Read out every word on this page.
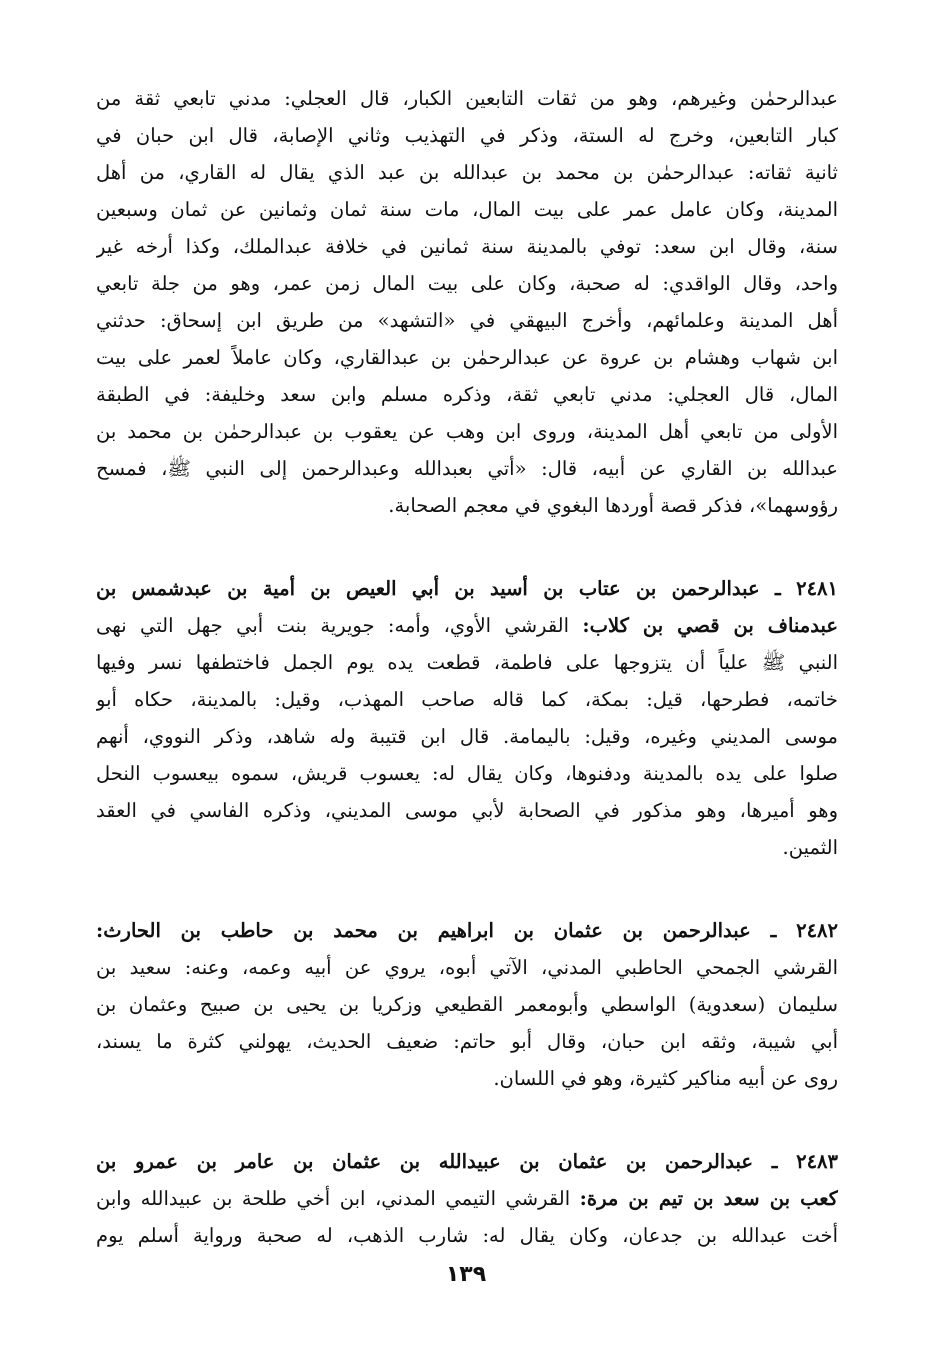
عبدالرحمٰن وغيرهم، وهو من ثقات التابعين الكبار، قال العجلي: مدني تابعي ثقة من
كبار التابعين، وخرج له الستة، وذكر في التهذيب وثاني الإصابة، قال ابن حبان في
ثانية ثقاته: عبدالرحمٰن بن محمد بن عبدالله بن عبد الذي يقال له القاري، من أهل
المدينة، وكان عامل عمر على بيت المال، مات سنة ثمان وثمانين عن ثمان وسبعين
سنة، وقال ابن سعد: توفي بالمدينة سنة ثمانين في خلافة عبدالملك، وكذا أرخه غير
واحد، وقال الواقدي: له صحبة، وكان على بيت المال زمن عمر، وهو من جلة تابعي
أهل المدينة وعلمائهم، وأخرج البيهقي في «التشهد» من طريق ابن إسحاق: حدثني
ابن شهاب وهشام بن عروة عن عبدالرحمٰن بن عبدالقاري، وكان عاملاً لعمر على بيت
المال، قال العجلي: مدني تابعي ثقة، وذكره مسلم وابن سعد وخليفة: في الطبقة
الأولى من تابعي أهل المدينة، وروى ابن وهب عن يعقوب بن عبدالرحمٰن بن محمد بن
عبدالله بن القاري عن أبيه، قال: «أتي بعبدالله وعبدالرحمن إلى النبي ﷺ، فمسح
رؤوسهما»، فذكر قصة أوردها البغوي في معجم الصحابة.
٢٤٨١ ـ عبدالرحمن بن عتاب بن أسيد بن أبي العيص بن أمية بن عبدشمس بن
عبدمناف بن قصي بن كلاب: القرشي الأوي، وأمه: جويرية بنت أبي جهل التي نهى
النبي ﷺ علياً أن يتزوجها على فاطمة، قطعت يده يوم الجمل فاختطفها نسر وفيها
خاتمه، فطرحها، قيل: بمكة، كما قاله صاحب المهذب، وقيل: بالمدينة، حكاه أبو
موسى المديني وغيره، وقيل: باليمامة. قال ابن قتيبة وله شاهد، وذكر النووي، أنهم
صلوا على يده بالمدينة ودفنوها، وكان يقال له: يعسوب قريش، سموه بيعسوب النحل
وهو أميرها، وهو مذكور في الصحابة لأبي موسى المديني، وذكره الفاسي في العقد
الثمين.
٢٤٨٢ ـ عبدالرحمن بن عثمان بن ابراهيم بن محمد بن حاطب بن الحارث:
القرشي الجمحي الحاطبي المدني، الآتي أبوه، يروي عن أبيه وعمه، وعنه: سعيد بن
سليمان (سعدوية) الواسطي وأبومعمر القطيعي وزكريا بن يحيى بن صبيح وعثمان بن
أبي شيبة، وثقه ابن حبان، وقال أبو حاتم: ضعيف الحديث، يهولني كثرة ما يسند،
روى عن أبيه مناكير كثيرة، وهو في اللسان.
٢٤٨٣ ـ عبدالرحمن بن عثمان بن عبيدالله بن عثمان بن عامر بن عمرو بن
كعب بن سعد بن تيم بن مرة: القرشي التيمي المدني، ابن أخي طلحة بن عبيدالله وابن
أخت عبدالله بن جدعان، وكان يقال له: شارب الذهب، له صحبة ورواية أسلم يوم
١٣٩
